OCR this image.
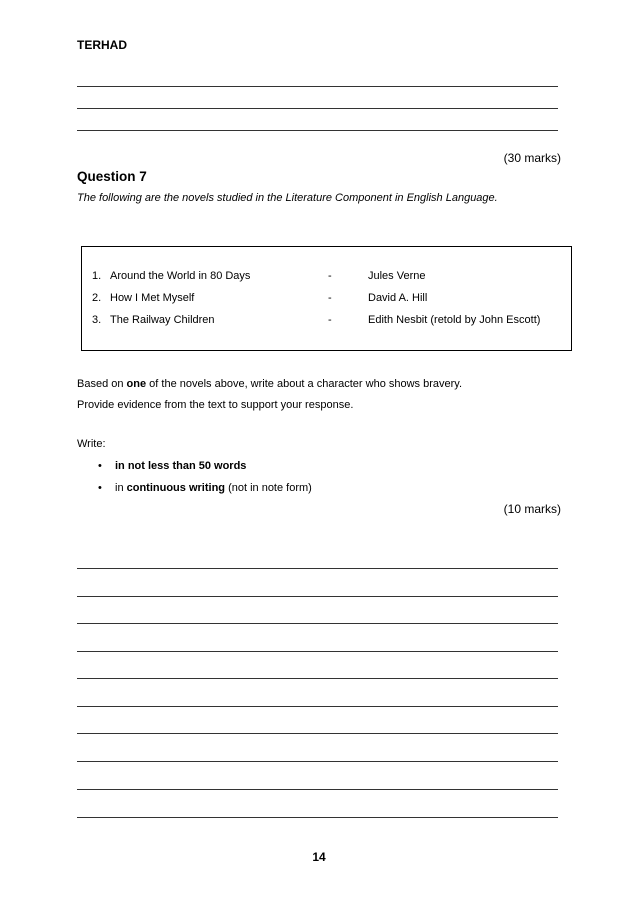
TERHAD
(30 marks)
Question 7
The following are the novels studied in the Literature Component in English Language.
1. Around the World in 80 Days	-	Jules Verne
2. How I Met Myself	-	David A. Hill
3. The Railway Children	-	Edith Nesbit (retold by John Escott)
Based on one of the novels above, write about a character who shows bravery.
Provide evidence from the text to support your response.
Write:
• in not less than 50 words
• in continuous writing (not in note form)
(10 marks)
14
